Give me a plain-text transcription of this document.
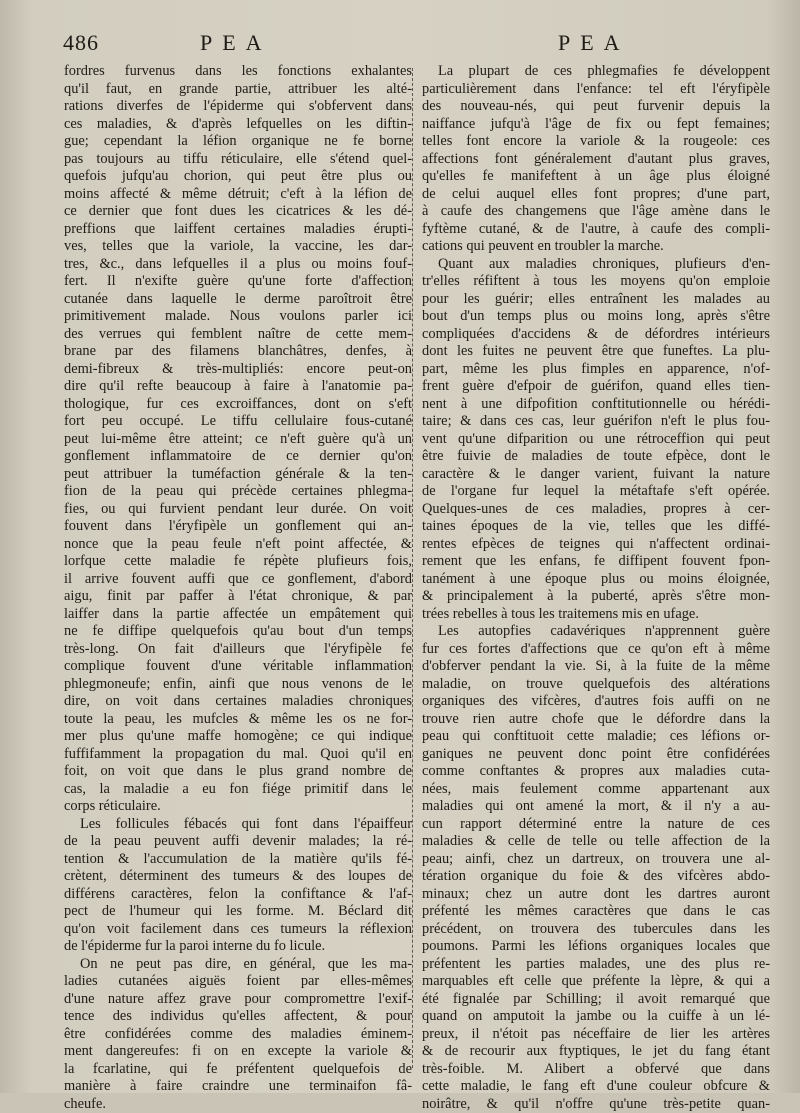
486	PEA	PEA
fordres furvenus dans les fonctions exhalantes
qu'il faut, en grande partie, attribuer les alté-
rations diverfes de l'épiderme qui s'obfervent dans
ces maladies, & d'après lefquelles on les diftin-
gue; cependant la léfion organique ne fe borne
pas toujours au tiffu réticulaire, elle s'étend quel-
quefois jufqu'au chorion, qui peut être plus ou
moins affecté & même détruit; c'eft à la léfion de
ce dernier que font dues les cicatrices & les dé-
preffions que laiffent certaines maladies érupti-
ves, telles que la variole, la vaccine, les dar-
tres, &c., dans lefquelles il a plus ou moins fouf-
fert. Il n'exifte guère qu'une forte d'affection
cutanée dans laquelle le derme paroîtroit être
primitivement malade. Nous voulons parler ici
des verrues qui femblent naître de cette mem-
brane par des filamens blanchâtres, denfes, à
demi-fibreux & très-multipliés: encore peut-on
dire qu'il refte beaucoup à faire à l'anatomie pa-
thologique, fur ces excroiffances, dont on s'eft
fort peu occupé. Le tiffu cellulaire fous-cutané
peut lui-même être atteint; ce n'eft guère qu'à un
gonflement inflammatoire de ce dernier qu'on
peut attribuer la tuméfaction générale & la ten-
fion de la peau qui précède certaines phlegma-
fies, ou qui furvient pendant leur durée. On voit
fouvent dans l'éryfipèle un gonflement qui an-
nonce que la peau feule n'eft point affectée, &
lorfque cette maladie fe répète plufieurs fois,
il arrive fouvent auffi que ce gonflement, d'abord
aigu, finit par paffer à l'état chronique, & par
laiffer dans la partie affectée un empâtement qui
ne fe diffipe quelquefois qu'au bout d'un temps
très-long. On fait d'ailleurs que l'éryfipèle fe
complique fouvent d'une véritable inflammation
phlegmoneufe; enfin, ainfi que nous venons de le
dire, on voit dans certaines maladies chroniques
toute la peau, les mufcles & même les os ne for-
mer plus qu'une maffe homogène; ce qui indique
fuffifamment la propagation du mal. Quoi qu'il en
foit, on voit que dans le plus grand nombre de
cas, la maladie a eu fon fiége primitif dans le
corps réticulaire.
Les follicules fébacés qui font dans l'épaiffeur
de la peau peuvent auffi devenir malades; la ré-
tention & l'accumulation de la matière qu'ils fé-
crètent, déterminent des tumeurs & des loupes de
différens caractères, felon la confiftance & l'af-
pect de l'humeur qui les forme. M. Béclard dit
qu'on voit facilement dans ces tumeurs la réflexion
de l'épiderme fur la paroi interne du fo licule.
On ne peut pas dire, en général, que les ma-
ladies cutanées aiguës foient par elles-mêmes
d'une nature affez grave pour compromettre l'exif-
tence des individus qu'elles affectent, & pour
être confidérées comme des maladies éminem-
ment dangereufes: fi on en excepte la variole &
la fcarlatine, qui fe préfentent quelquefois de
manière à faire craindre une terminaifon fâ-
cheufe.
La plupart de ces phlegmafies fe développent
particulièrement dans l'enfance: tel eft l'éryfipèle
des nouveau-nés, qui peut furvenir depuis la
naiffance jufqu'à l'âge de fix ou fept femaines;
telles font encore la variole & la rougeole: ces
affections font généralement d'autant plus graves,
qu'elles fe manifeftent à un âge plus éloigné
de celui auquel elles font propres; d'une part,
à caufe des changemens que l'âge amène dans le
fyftème cutané, & de l'autre, à caufe des compli-
cations qui peuvent en troubler la marche.
Quant aux maladies chroniques, plufieurs d'en-
tr'elles réfiftent à tous les moyens qu'on emploie
pour les guérir; elles entraînent les malades au
bout d'un temps plus ou moins long, après s'être
compliquées d'accidens & de défordres intérieurs
dont les fuites ne peuvent être que funeftes. La plu-
part, même les plus fimples en apparence, n'of-
frent guère d'efpoir de guérifon, quand elles tien-
nent à une difpofition conftitutionnelle ou hérédi-
taire; & dans ces cas, leur guérifon n'eft le plus fou-
vent qu'une difparition ou une rétroceffion qui peut
être fuivie de maladies de toute efpèce, dont le
caractère & le danger varient, fuivant la nature
de l'organe fur lequel la métaftafe s'eft opérée.
Quelques-unes de ces maladies, propres à cer-
taines époques de la vie, telles que les diffé-
rentes efpèces de teignes qui n'affectent ordinai-
rement que les enfans, fe diffipent fouvent fpon-
tanément à une époque plus ou moins éloignée,
& principalement à la puberté, après s'être mon-
trées rebelles à tous les traitemens mis en ufage.
Les autopfies cadavériques n'apprennent guère
fur ces fortes d'affections que ce qu'on eft à même
d'obferver pendant la vie. Si, à la fuite de la même
maladie, on trouve quelquefois des altérations
organiques des vifcères, d'autres fois auffi on ne
trouve rien autre chofe que le défordre dans la
peau qui conftituoit cette maladie; ces léfions or-
ganiques ne peuvent donc point être confidérées
comme conftantes & propres aux maladies cuta-
nées, mais feulement comme appartenant aux
maladies qui ont amené la mort, & il n'y a au-
cun rapport déterminé entre la nature de ces
maladies & celle de telle ou telle affection de la
peau; ainfi, chez un dartreux, on trouvera une al-
tération organique du foie & des vifcères abdo-
minaux; chez un autre dont les dartres auront
préfenté les mêmes caractères que dans le cas
précédent, on trouvera des tubercules dans les
poumons. Parmi les léfions organiques locales que
préfentent les parties malades, une des plus re-
marquables eft celle que préfente la lèpre, & qui a
été fignalée par Schilling; il avoit remarqué que
quand on amputoit la jambe ou la cuiffe à un lé-
preux, il n'étoit pas néceffaire de lier les artères
& de recourir aux ftyptiques, le jet du fang étant
très-foible. M. Alibert a obfervé que dans
cette maladie, le fang eft d'une couleur obfcure &
noirâtre, & qu'il n'offre qu'une très-petite quan-
